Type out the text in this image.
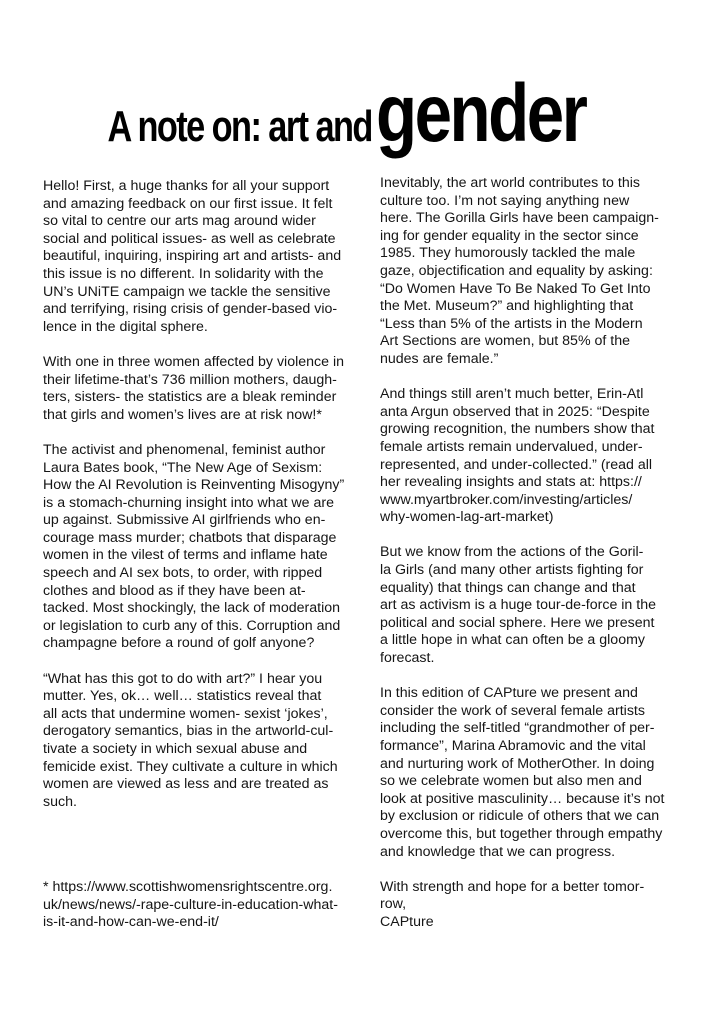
A note on: art andgender

Hello! First, a huge thanks for all your support
and amazing feedback on our first issue. It felt
so vital to centre our arts mag around wider
social and political issues- as well as celebrate
beautiful, inquiring, inspiring art and artists- and
this issue is no different. In solidarity with the
UN’s UNiTE campaign we tackle the sensitive
and terrifying, rising crisis of gender-based vio-
lence in the digital sphere.

With one in three women affected by violence in
their lifetime-that’s 736 million mothers, daugh-
ters, sisters- the statistics are a bleak reminder
that girls and women’s lives are at risk now!*

The activist and phenomenal, feminist author
Laura Bates book, “The New Age of Sexism:
How the AI Revolution is Reinventing Misogyny”
is a stomach-churning insight into what we are
up against. Submissive AI girlfriends who en-
courage mass murder; chatbots that disparage
women in the vilest of terms and inflame hate
speech and AI sex bots, to order, with ripped
clothes and blood as if they have been at-
tacked. Most shockingly, the lack of moderation
or legislation to curb any of this. Corruption and
champagne before a round of golf anyone?

“What has this got to do with art?” I hear you
mutter. Yes, ok… well… statistics reveal that
all acts that undermine women- sexist ‘jokes’,
derogatory semantics, bias in the artworld-cul-
tivate a society in which sexual abuse and
femicide exist. They cultivate a culture in which
women are viewed as less and are treated as
such.

Inevitably, the art world contributes to this
culture too. I’m not saying anything new
here. The Gorilla Girls have been campaign-
ing for gender equality in the sector since
1985. They humorously tackled the male
gaze, objectification and equality by asking:
“Do Women Have To Be Naked To Get Into
the Met. Museum?” and highlighting that
“Less than 5% of the artists in the Modern
Art Sections are women, but 85% of the
nudes are female.”

And things still aren’t much better, Erin-Atl
anta Argun observed that in 2025: “Despite
growing recognition, the numbers show that
female artists remain undervalued, under-
represented, and under-collected.” (read all
her revealing insights and stats at: https://
www.myartbroker.com/investing/articles/
why-women-lag-art-market)

But we know from the actions of the Goril-
la Girls (and many other artists fighting for
equality) that things can change and that
art as activism is a huge tour-de-force in the
political and social sphere. Here we present
a little hope in what can often be a gloomy
forecast.

In this edition of CAPture we present and
consider the work of several female artists
including the self-titled “grandmother of per-
formance”, Marina Abramovic and the vital
and nurturing work of MotherOther. In doing
so we celebrate women but also men and
look at positive masculinity… because it’s not
by exclusion or ridicule of others that we can
overcome this, but together through empathy
and knowledge that we can progress.

With strength and hope for a better tomor-
row,
CAPture

* https://www.scottishwomensrightscentre.org.
uk/news/news/-rape-culture-in-education-what-
is-it-and-how-can-we-end-it/
